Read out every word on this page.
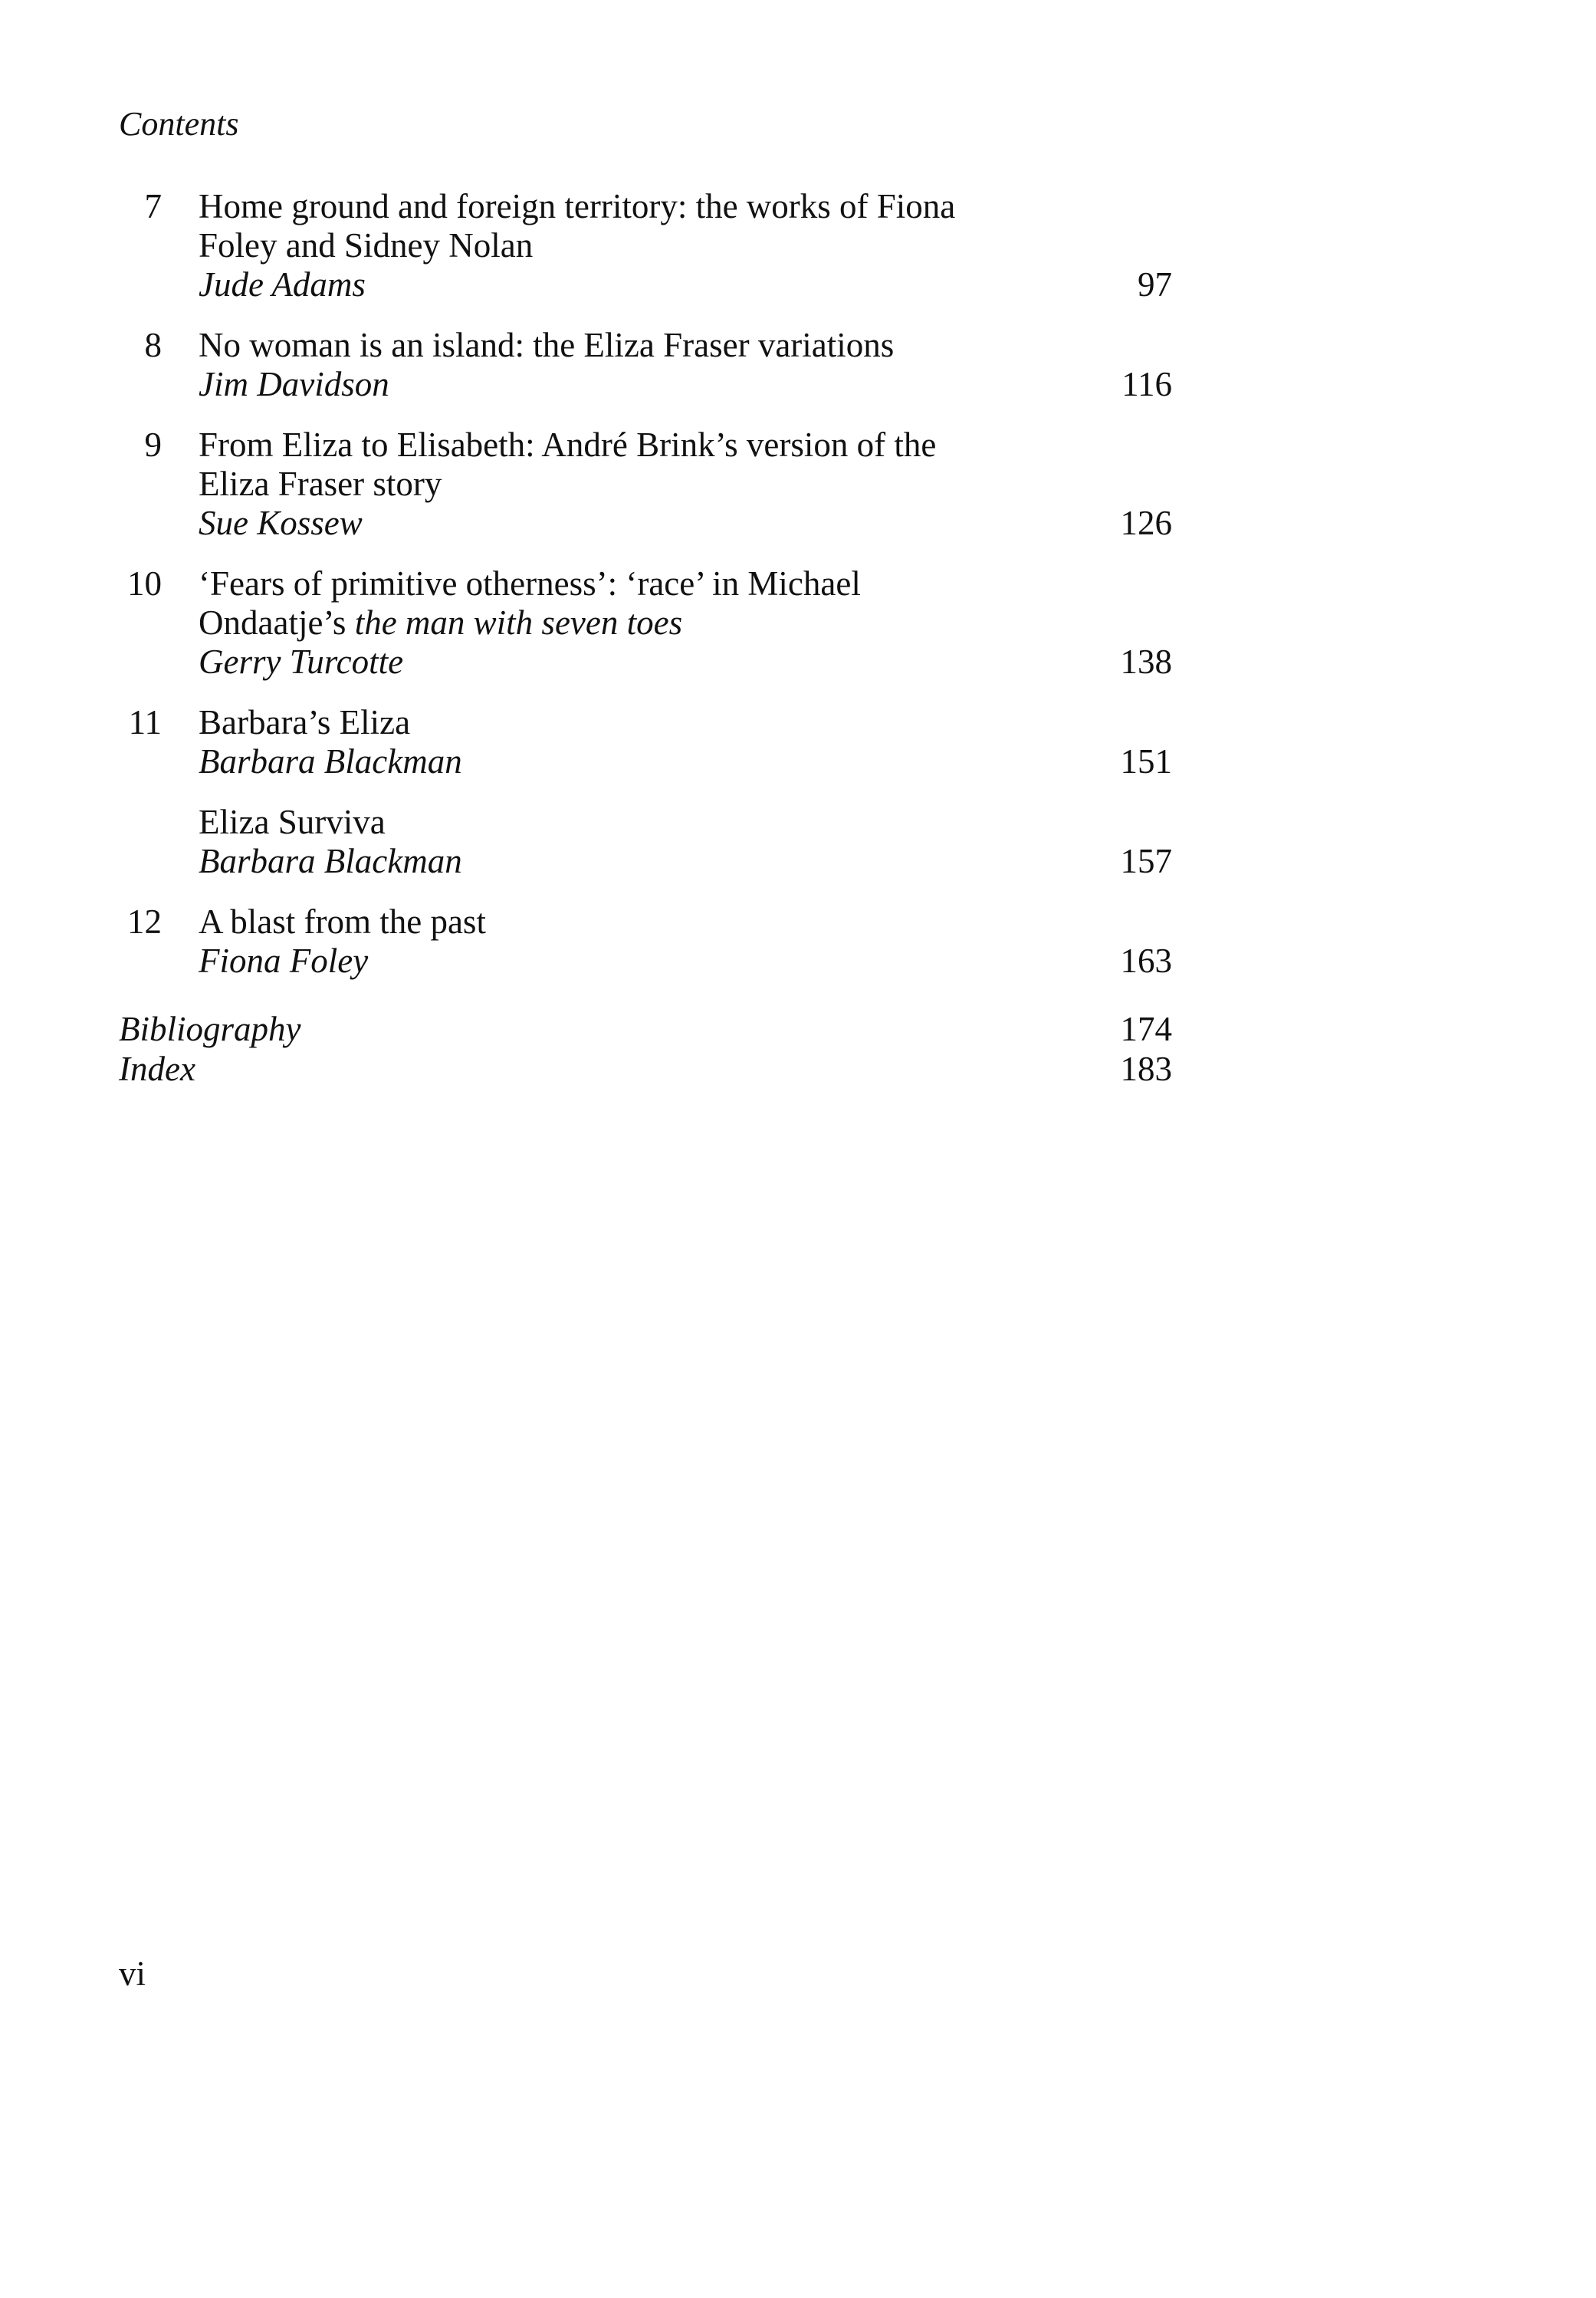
Contents
7 Home ground and foreign territory: the works of Fiona
Foley and Sidney Nolan
Jude Adams	97
8 No woman is an island: the Eliza Fraser variations
Jim Davidson	116
9 From Eliza to Elisabeth: André Brink’s version of the
Eliza Fraser story
Sue Kossew	126
10 ‘Fears of primitive otherness’: ‘race’ in Michael
Ondaatje’s the man with seven toes
Gerry Turcotte	138
11 Barbara’s Eliza
Barbara Blackman	151
Eliza Surviva
Barbara Blackman	157
12 A blast from the past
Fiona Foley	163
Bibliography	174
Index	183
vi
